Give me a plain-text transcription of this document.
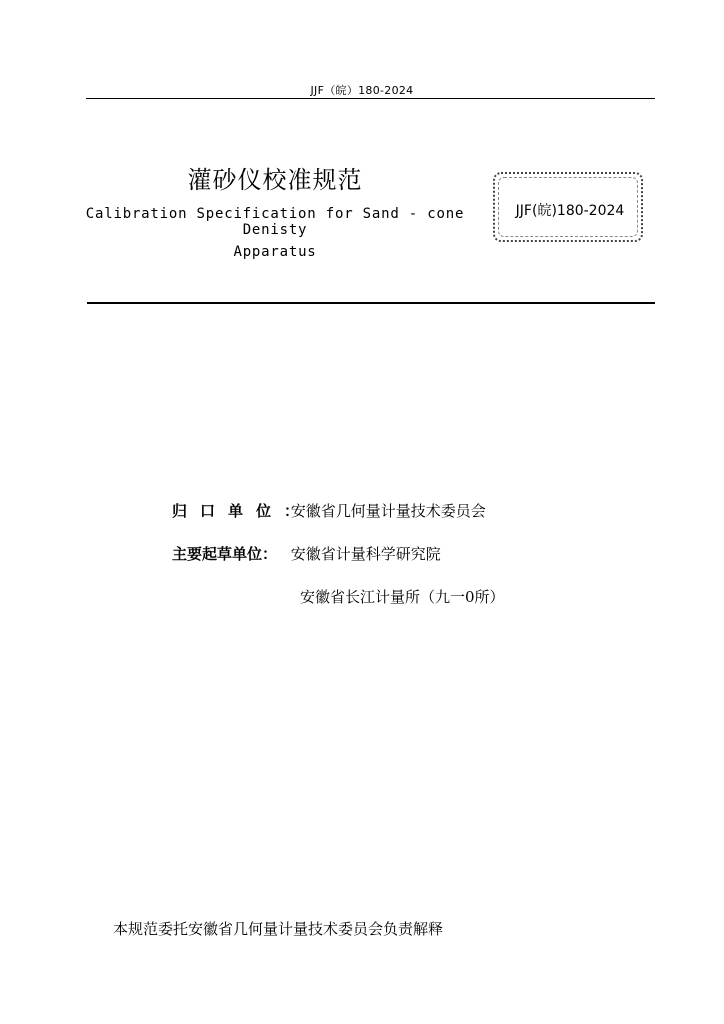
JJF（皖）180-2024
灌砂仪校准规范
Calibration Specification for Sand - cone Denisty
Apparatus
JJF(皖)180-2024
归口单位： 安徽省几何量计量技术委员会
主要起草单位： 安徽省计量科学研究院
安徽省长江计量所（九一0所）
本规范委托安徽省几何量计量技术委员会负责解释
